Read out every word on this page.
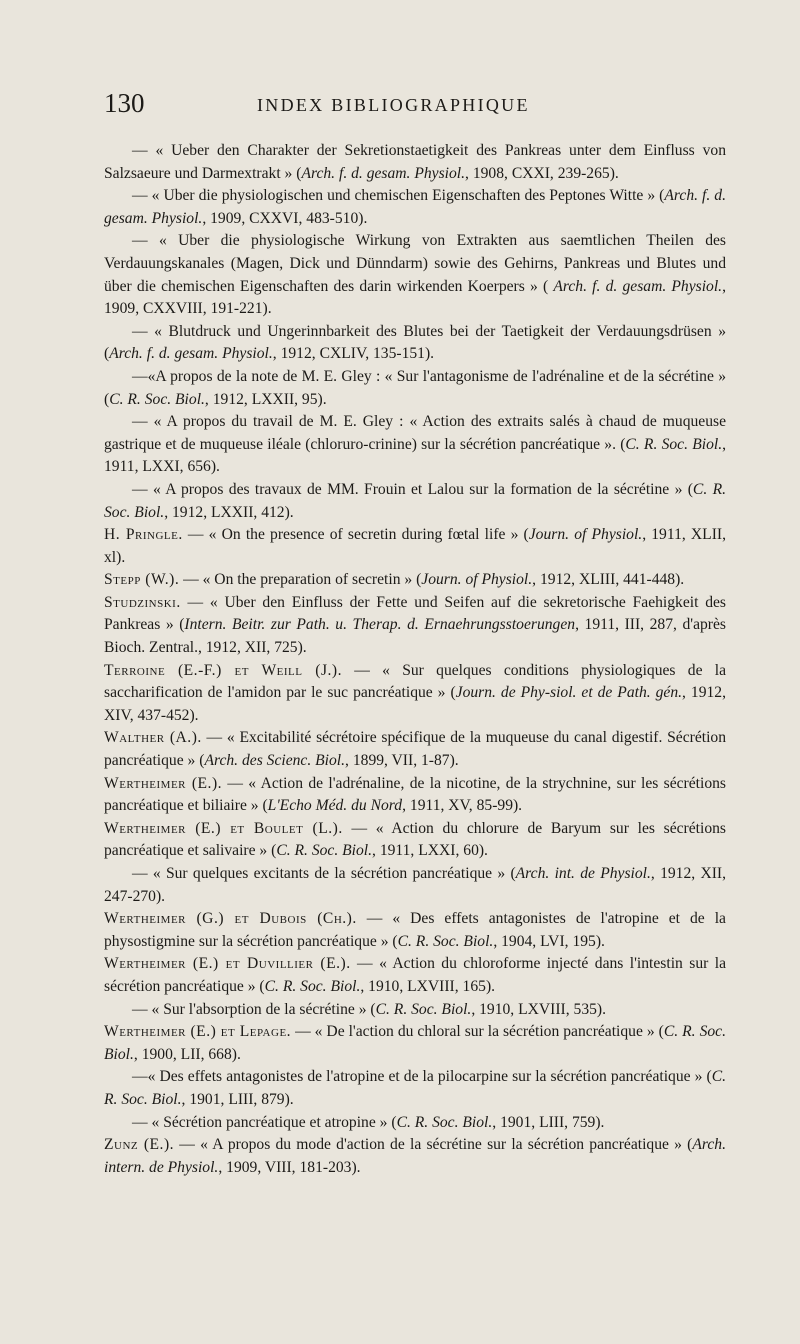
130	INDEX BIBLIOGRAPHIQUE

— « Ueber den Charakter der Sekretionstaetigkeit des Pankreas unter dem Einfluss von Salzsaeure und Darmextrakt » (Arch. f. d. gesam. Physiol., 1908, CXXI, 239-265).

— « Uber die physiologischen und chemischen Eigenschaften des Peptones Witte » (Arch. f. d. gesam. Physiol., 1909, CXXVI, 483-510).

— « Uber die physiologische Wirkung von Extrakten aus saemtlichen Theilen des Verdauungskanales (Magen, Dick und Dünndarm) sowie des Gehirns, Pankreas und Blutes und über die chemischen Eigenschaften des darin wirkenden Koerpers » ( Arch. f. d. gesam. Physiol., 1909, CXXVIII, 191-221).

— « Blutdruck und Ungerinnbarkeit des Blutes bei der Taetigkeit der Verdauungsdrüsen » (Arch. f. d. gesam. Physiol., 1912, CXLIV, 135-151).

—«A propos de la note de M. E. Gley : « Sur l'antagonisme de l'adrénaline et de la sécrétine » (C. R. Soc. Biol., 1912, LXXII, 95).

— « A propos du travail de M. E. Gley : « Action des extraits salés à chaud de muqueuse gastrique et de muqueuse iléale (chloruro-crinine) sur la sécrétion pancréatique ». (C. R. Soc. Biol., 1911, LXXI, 656).

— « A propos des travaux de MM. Frouin et Lalou sur la formation de la sécrétine » (C. R. Soc. Biol., 1912, LXXII, 412).

H. Pringle. — « On the presence of secretin during fœtal life » (Journ. of Physiol., 1911, XLII, xl).

Stepp (W.). — « On the preparation of secretin » (Journ. of Physiol., 1912, XLIII, 441-448).

Studzinski. — « Uber den Einfluss der Fette und Seifen auf die sekretorische Faehigkeit des Pankreas » (Intern. Beitr. zur Path. u. Therap. d. Ernaehrungsstoerungen, 1911, III, 287, d'après Bioch. Zentral., 1912, XII, 725).

Terroine (E.-F.) et Weill (J.). — « Sur quelques conditions physiologiques de la saccharification de l'amidon par le suc pancréatique » (Journ. de Phy-siol. et de Path. gén., 1912, XIV, 437-452).

Walther (A.). — « Excitabilité sécrétoire spécifique de la muqueuse du canal digestif. Sécrétion pancréatique » (Arch. des Scienc. Biol., 1899, VII, 1-87).

Wertheimer (E.). — « Action de l'adrénaline, de la nicotine, de la strychnine, sur les sécrétions pancréatique et biliaire » (L'Echo Méd. du Nord, 1911, XV, 85-99).

Wertheimer (E.) et Boulet (L.). — « Action du chlorure de Baryum sur les sécrétions pancréatique et salivaire » (C. R. Soc. Biol., 1911, LXXI, 60).

— « Sur quelques excitants de la sécrétion pancréatique » (Arch. int. de Physiol., 1912, XII, 247-270).

Wertheimer (G.) et Dubois (Ch.). — « Des effets antagonistes de l'atropine et de la physostigmine sur la sécrétion pancréatique » (C. R. Soc. Biol., 1904, LVI, 195).

Wertheimer (E.) et Duvillier (E.). — « Action du chloroforme injecté dans l'intestin sur la sécrétion pancréatique » (C. R. Soc. Biol., 1910, LXVIII, 165).

— « Sur l'absorption de la sécrétine » (C. R. Soc. Biol., 1910, LXVIII, 535).

Wertheimer (E.) et Lepage. — « De l'action du chloral sur la sécrétion pancréatique » (C. R. Soc. Biol., 1900, LII, 668).

—« Des effets antagonistes de l'atropine et de la pilocarpine sur la sécrétion pancréatique » (C. R. Soc. Biol., 1901, LIII, 879).

— « Sécrétion pancréatique et atropine » (C. R. Soc. Biol., 1901, LIII, 759).

Zunz (E.). — « A propos du mode d'action de la sécrétine sur la sécrétion pancréatique » (Arch. intern. de Physiol., 1909, VIII, 181-203).
